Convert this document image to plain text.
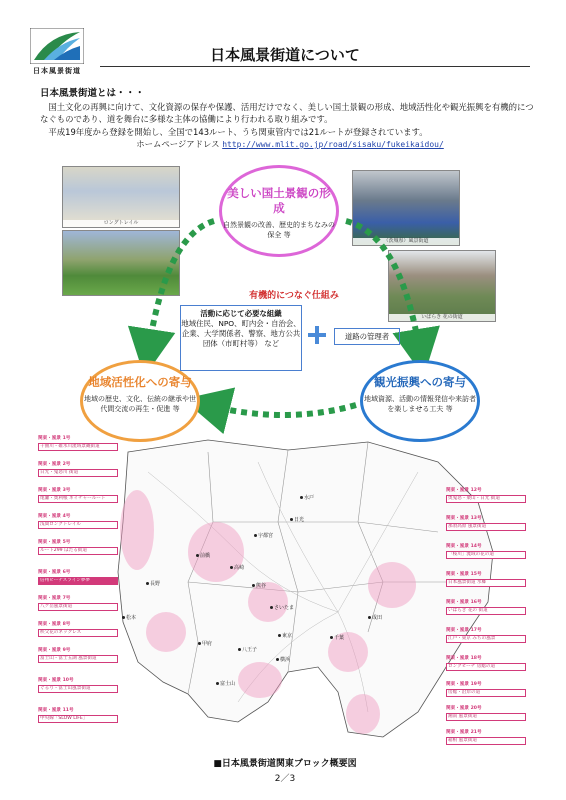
日本風景街道
日本風景街道について
日本風景街道とは・・・

国土文化の再興に向けて、文化資源の保存や保護、活用だけでなく、美しい国土景観の形成、地域活性化や観光振興を有機的につなぐものであり、道を舞台に多様な主体の協働により行われる取り組みです。

平成19年度から登録を開始し、全国で143ルート、うち関東管内では21ルートが登録されています。

ホームページアドレス http://www.mlit.go.jp/road/sisaku/fukeikaidou/
ロングトレイル
（茨城県）風景街道
いばらき 花の街道
美しい国土景観の形成
自然景観の改善、歴史的まちなみの保全 等
地域活性化への寄与
地域の歴史、文化、伝統の継承や世代間交流の再生・促進 等
観光振興への寄与
地域資源、活動の情報発信や来訪者を楽しませる工夫 等
有機的につなぐ仕組み
活動に応じて必要な組織
地域住民、NPO、町内会・自治会、企業、大学関係者、警察、地方公共団体（市町村等） など
道路の管理者
水戸
宇都宮
前橋
長野
松本
甲府
さいたま
東京	千葉
横浜
富士山
高崎
日光
熊谷
八王子
成田
関東・風景 1号
千曲川・碓氷川流域景観街道
関東・風景 2号
日光・鬼怒川 街道
関東・風景 3号
尾瀬・奥利根 ネイチャールート
関東・風景 4号
浅間ロングトレイル
関東・風景 5号
ルート299 ほたる街道
関東・風景 6号
信州ビーナスライン夢夢
関東・風景 7号
八ケ岳風景街道
関東・風景 8号
秩父花のネックレス
関東・風景 9号
富士山・富士五湖 風景街道
関東・風景 10号
ぐるり・富士山風景街道
関東・風景 11号
中央線「SLOW LIFE」
関東・風景 12号
奥鬼怒・栗山・日光 街道
関東・風景 13号
那須高原 風景街道
関東・風景 14号
「桜川」流域の花の道
関東・風景 15号
日本風景街道 水郷
関東・風景 16号
いばらき 花の 街道
関東・風景 17号
江戸・東京 みちの風景
関東・風景 18号
ロングビーチ 房総の道
関東・風景 19号
房総・沿岸の道
関東・風景 20号
湘南 風景街道
関東・風景 21号
箱根 風景街道
■日本風景街道関東ブロック概要図
2／3
